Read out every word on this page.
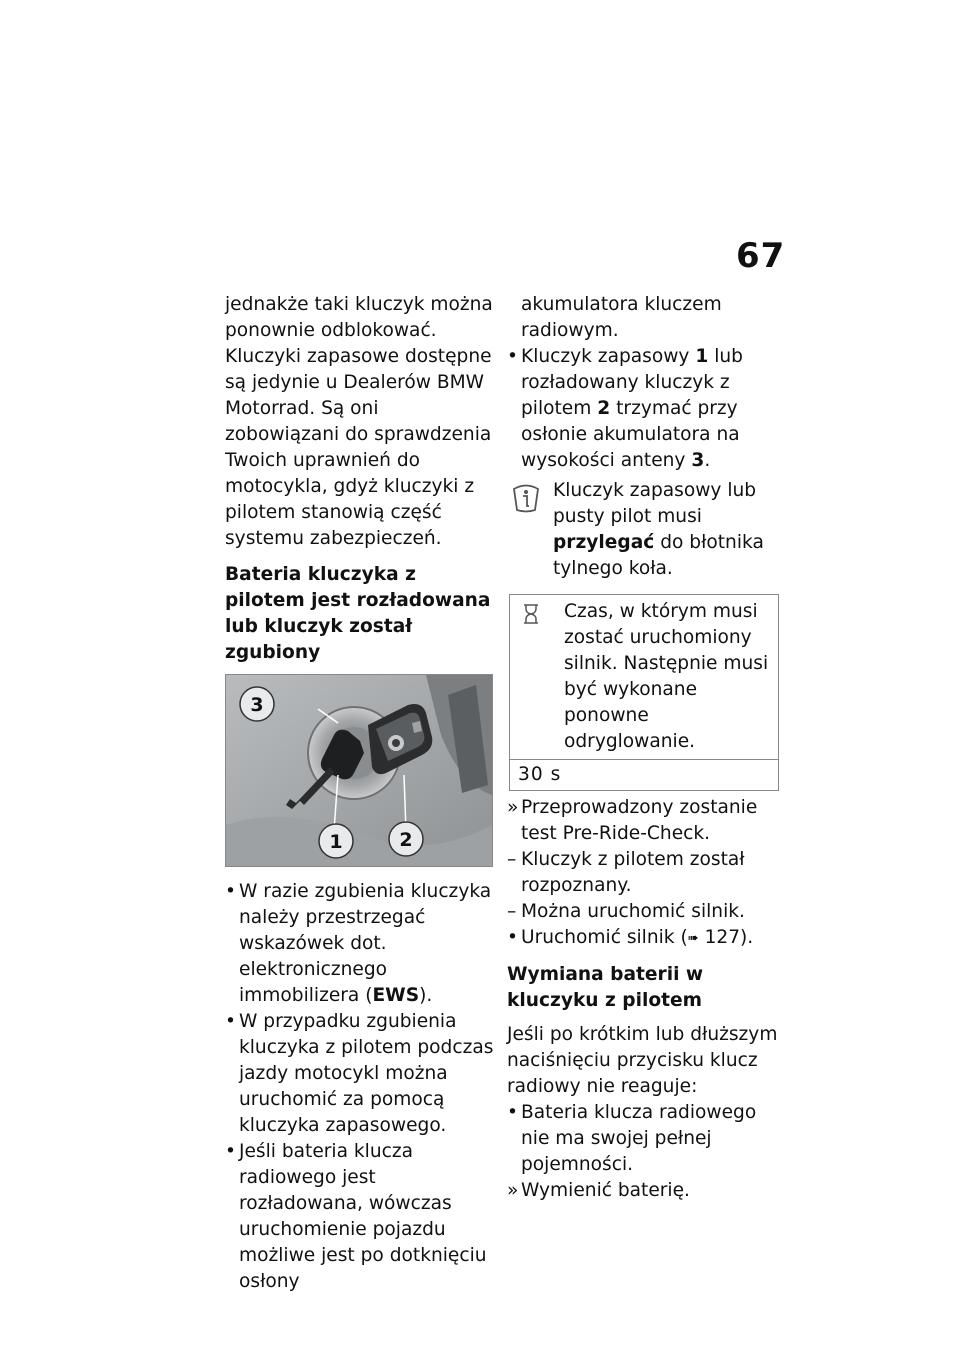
67

jednakże taki kluczyk można ponownie odblokować.

Kluczyki zapasowe dostępne są jedynie u Dealerów BMW Motorrad. Są oni zobowiązani do sprawdzenia Twoich uprawnień do motocykla, gdyż kluczyki z pilotem stanowią część systemu zabezpieczeń.

Bateria kluczyka z pilotem jest rozładowana lub kluczyk został zgubiony
3
1	2
• W razie zgubienia kluczyka należy przestrzegać wskazówek dot. elektronicznego immobilizera (EWS).
• W przypadku zgubienia kluczyka z pilotem podczas jazdy motocykl można uruchomić za pomocą kluczyka zapasowego.
• Jeśli bateria klucza radiowego jest rozładowana, wówczas uruchomienie pojazdu możliwe jest po dotknięciu osłony

akumulatora kluczem radiowym.

• Kluczyk zapasowy 1 lub rozładowany kluczyk z pilotem 2 trzymać przy osłonie akumulatora na wysokości anteny 3.
Kluczyk zapasowy lub pusty pilot musi przylegać do błotnika tylnego koła.
Czas, w którym musi zostać uruchomiony silnik. Następnie musi być wykonane ponowne odryglowanie.
30 s
» Przeprowadzony zostanie test Pre-Ride-Check.
– Kluczyk z pilotem został rozpoznany.
– Można uruchomić silnik.
• Uruchomić silnik (➠ 127).
Wymiana baterii w kluczyku z pilotem

Jeśli po krótkim lub dłuższym naciśnięciu przycisku klucz radiowy nie reaguje:

• Bateria klucza radiowego nie ma swojej pełnej pojemności.
» Wymienić baterię.
